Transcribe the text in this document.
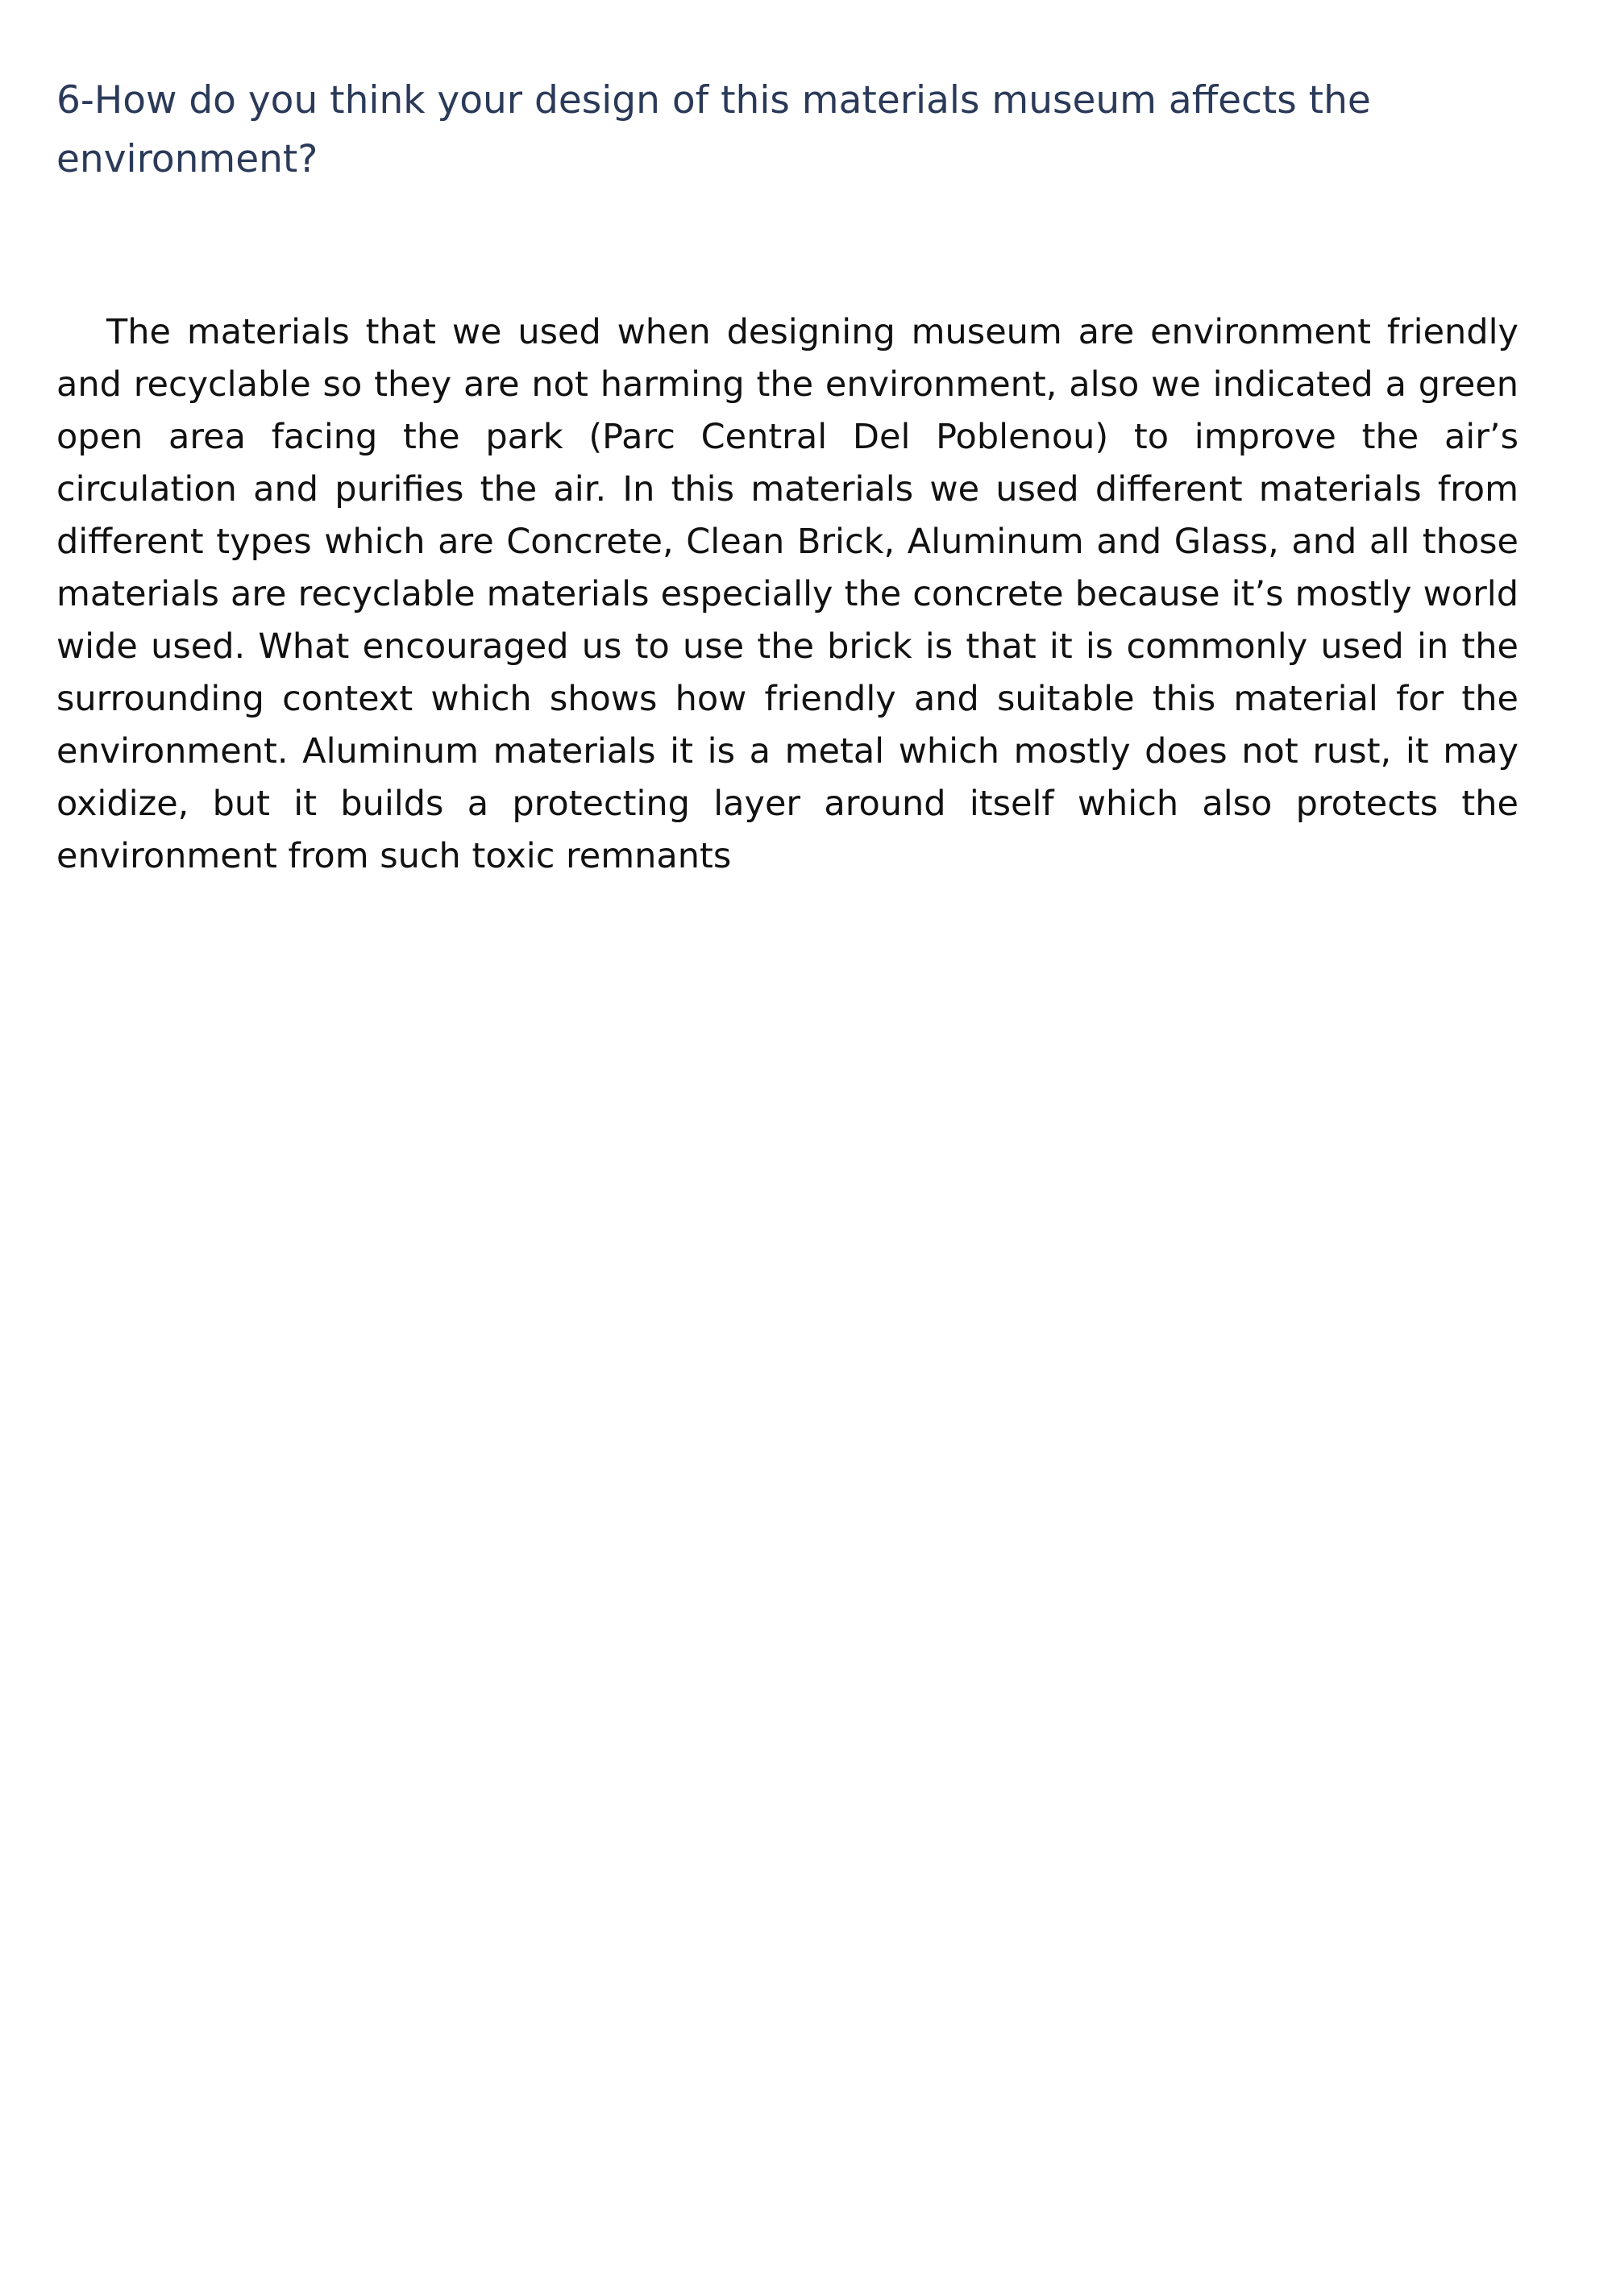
6-How do you think your design of this materials museum affects the environment?

The materials that we used when designing museum are environment friendly and recyclable so they are not harming the environment, also we indicated a green open area facing the park (Parc Central Del Poblenou) to improve the air’s circulation and purifies the air. In this materials we used different materials from different types which are Concrete, Clean Brick, Aluminum and Glass, and all those materials are recyclable materials especially the concrete because it’s mostly world wide used. What encouraged us to use the brick is that it is commonly used in the surrounding context which shows how friendly and suitable this material for the environment. Aluminum materials it is a metal which mostly does not rust, it may oxidize, but it builds a protecting layer around itself which also protects the environment from such toxic remnants
